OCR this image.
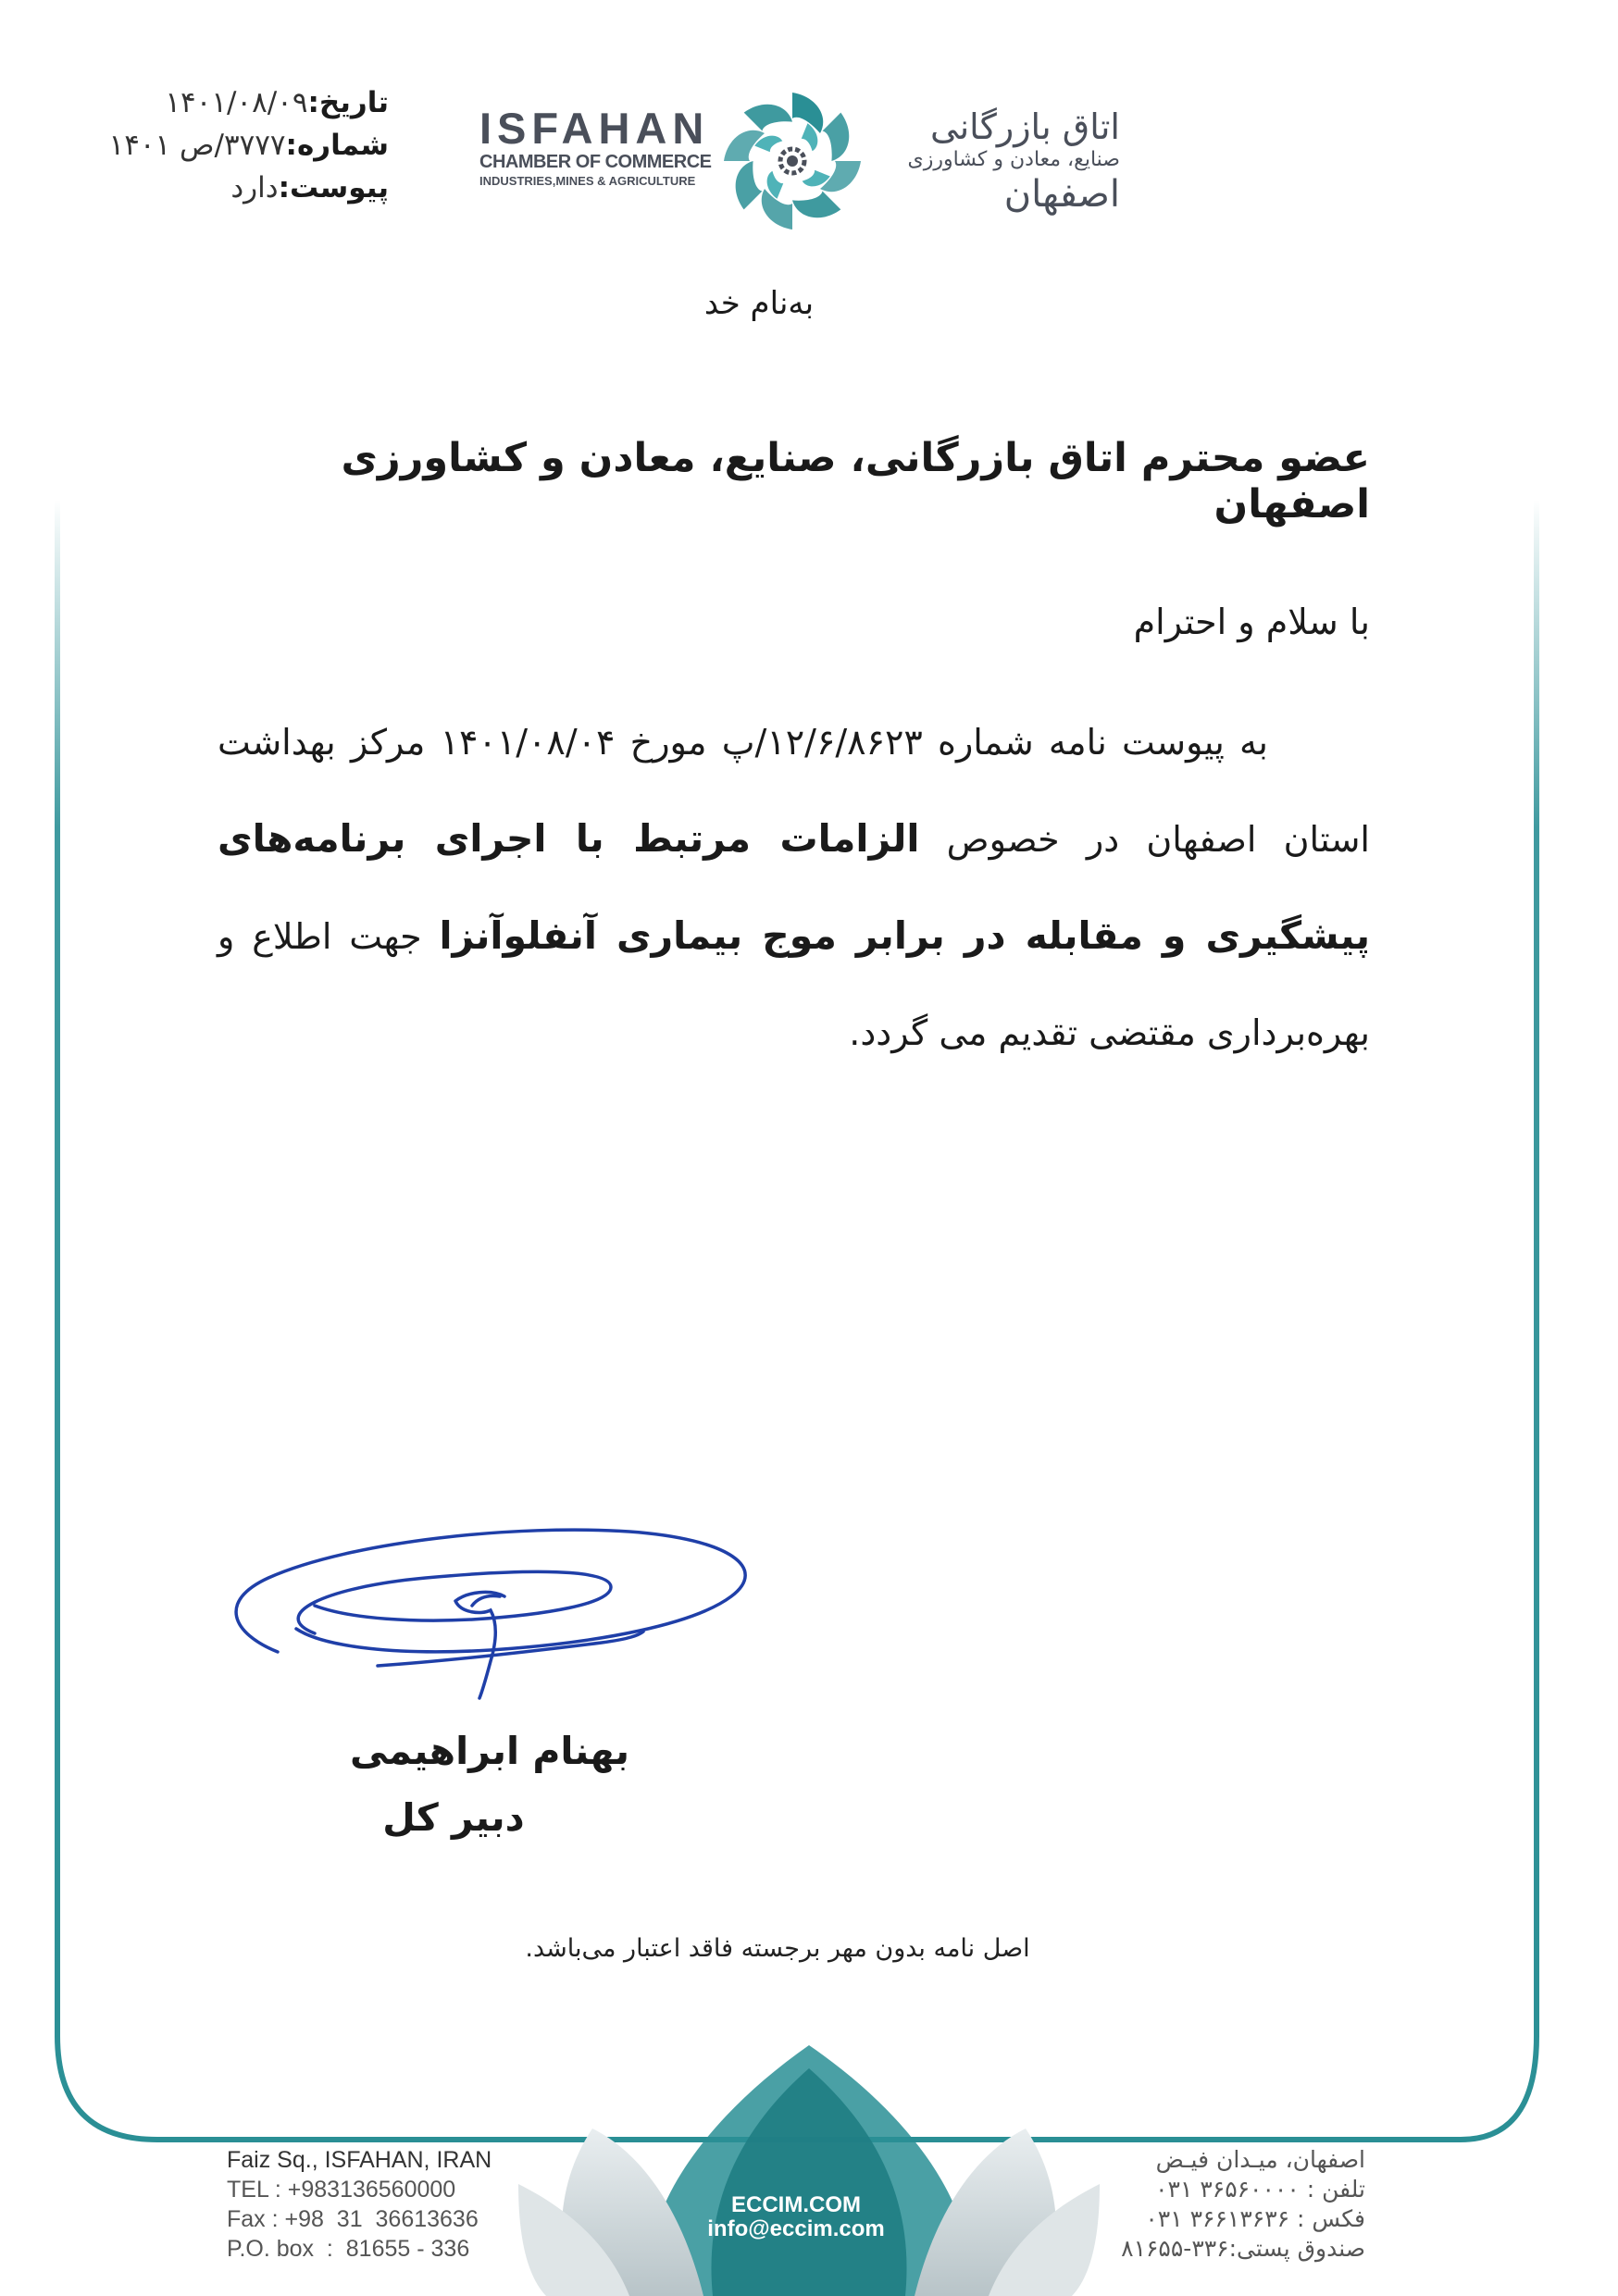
تاریخ:۱۴۰۱/۰۸/۰۹
شماره:۳۷۷۷/ص ۱۴۰۱
پیوست:دارد
ISFAHAN
CHAMBER OF COMMERCE
INDUSTRIES,MINES & AGRICULTURE
اتاق بازرگانی
صنایع، معادن و کشاورزی
اصفهان
به‌نام خد
عضو محترم اتاق بازرگانی، صنایع، معادن و کشاورزی اصفهان
با سلام و احترام
به پیوست نامه شماره ۱۲/۶/۸۶۲۳/پ مورخ ۱۴۰۱/۰۸/۰۴ مرکز بهداشت استان اصفهان در خصوص الزامات مرتبط با اجرای برنامه‌های پیشگیری و مقابله در برابر موج بیماری آنفلوآنزا جهت اطلاع و بهره‌برداری مقتضی تقدیم می گردد.
بهنام ابراهیمی
دبیر کل
اصل نامه بدون مهر برجسته فاقد اعتبار می‌باشد.
Faiz Sq., ISFAHAN, IRAN
TEL : +983136560000
Fax : +98  31  36613636
P.O. box  :  81655 - 336
ECCIM.COM
info@eccim.com
اصفهان، میـدان فیـض
تلفن : ۳۶۵۶۰۰۰۰ ۰۳۱
فکس : ۳۶۶۱۳۶۳۶ ۰۳۱
صندوق پستی:۳۳۶-۸۱۶۵۵
